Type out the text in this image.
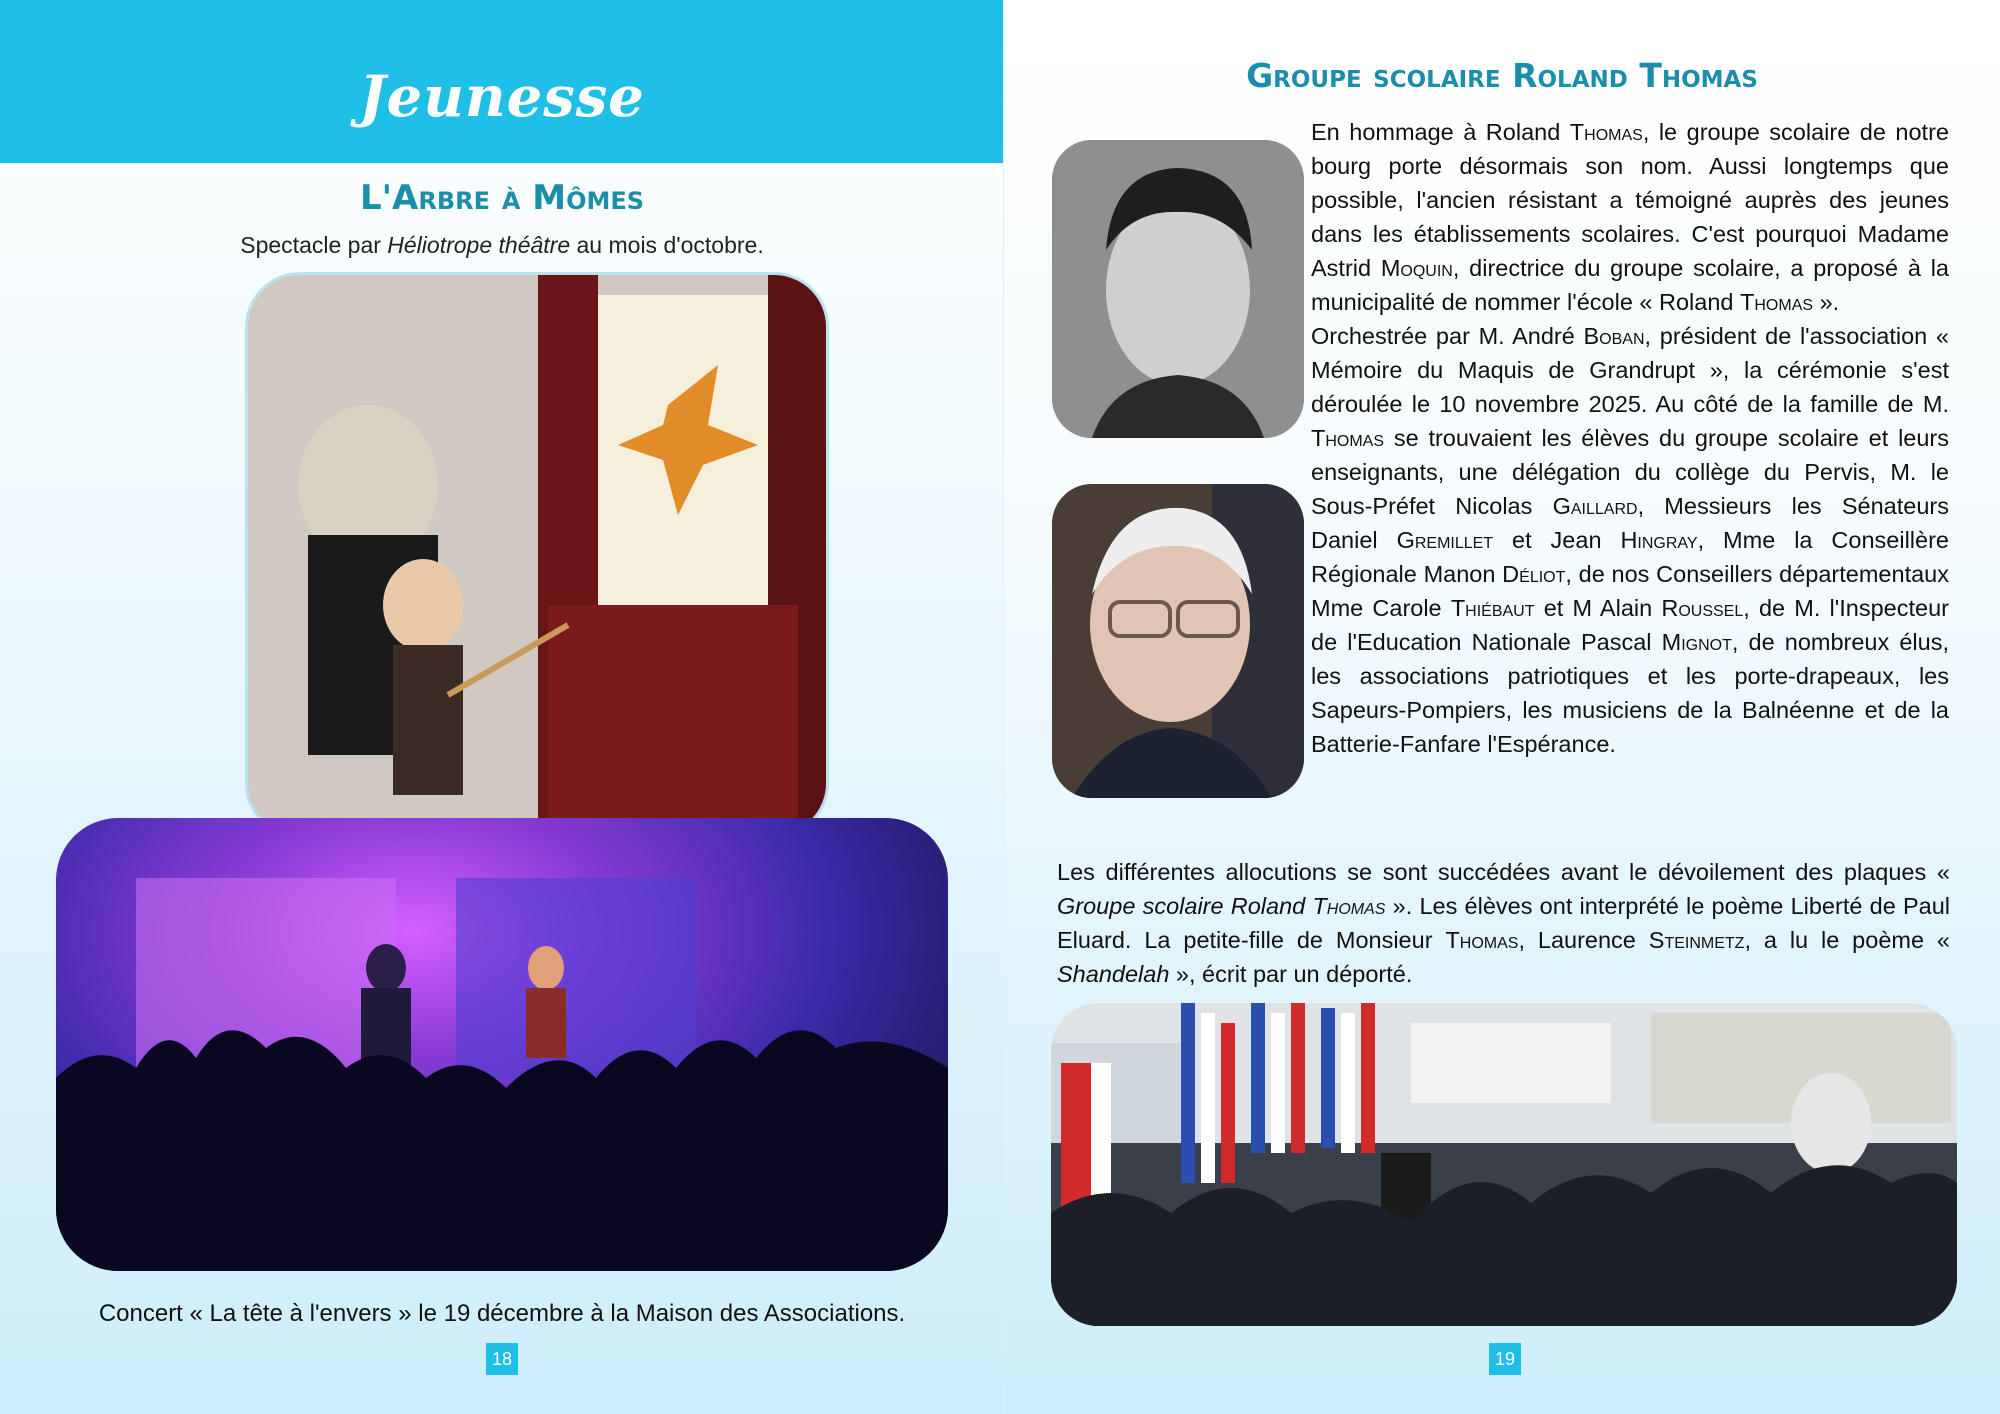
Jeunesse
L'Arbre à Mômes
Spectacle par Héliotrope théâtre au mois d'octobre.
Concert « La tête à l'envers » le 19 décembre à la Maison des Associations.
18
Groupe scolaire Roland Thomas
En hommage à Roland Thomas, le groupe scolaire de notre bourg porte désormais son nom. Aussi longtemps que possible, l'ancien résistant a témoigné auprès des jeunes dans les établissements scolaires. C'est pourquoi Madame Astrid Moquin, directrice du groupe scolaire, a proposé à la municipalité de nommer l'école « Roland Thomas ».
Orchestrée par M. André Boban, président de l'association « Mémoire du Maquis de Grandrupt », la cérémonie s'est déroulée le 10 novembre 2025. Au côté de la famille de M. Thomas se trouvaient les élèves du groupe scolaire et leurs enseignants, une délégation du collège du Pervis, M. le Sous-Préfet Nicolas Gaillard, Messieurs les Sénateurs Daniel Gremillet et Jean Hingray, Mme la Conseillère Régionale Manon Déliot, de nos Conseillers départementaux Mme Carole Thiébaut et M Alain Roussel, de M. l'Inspecteur de l'Education Nationale Pascal Mignot, de nombreux élus, les associations patriotiques et les porte-drapeaux, les Sapeurs-Pompiers, les musiciens de la Balnéenne et de la Batterie-Fanfare l'Espérance.
Les différentes allocutions se sont succédées avant le dévoilement des plaques « Groupe scolaire Roland Thomas ». Les élèves ont interprété le poème Liberté de Paul Eluard. La petite-fille de Monsieur Thomas, Laurence Steinmetz, a lu le poème « Shandelah », écrit par un déporté.
19
